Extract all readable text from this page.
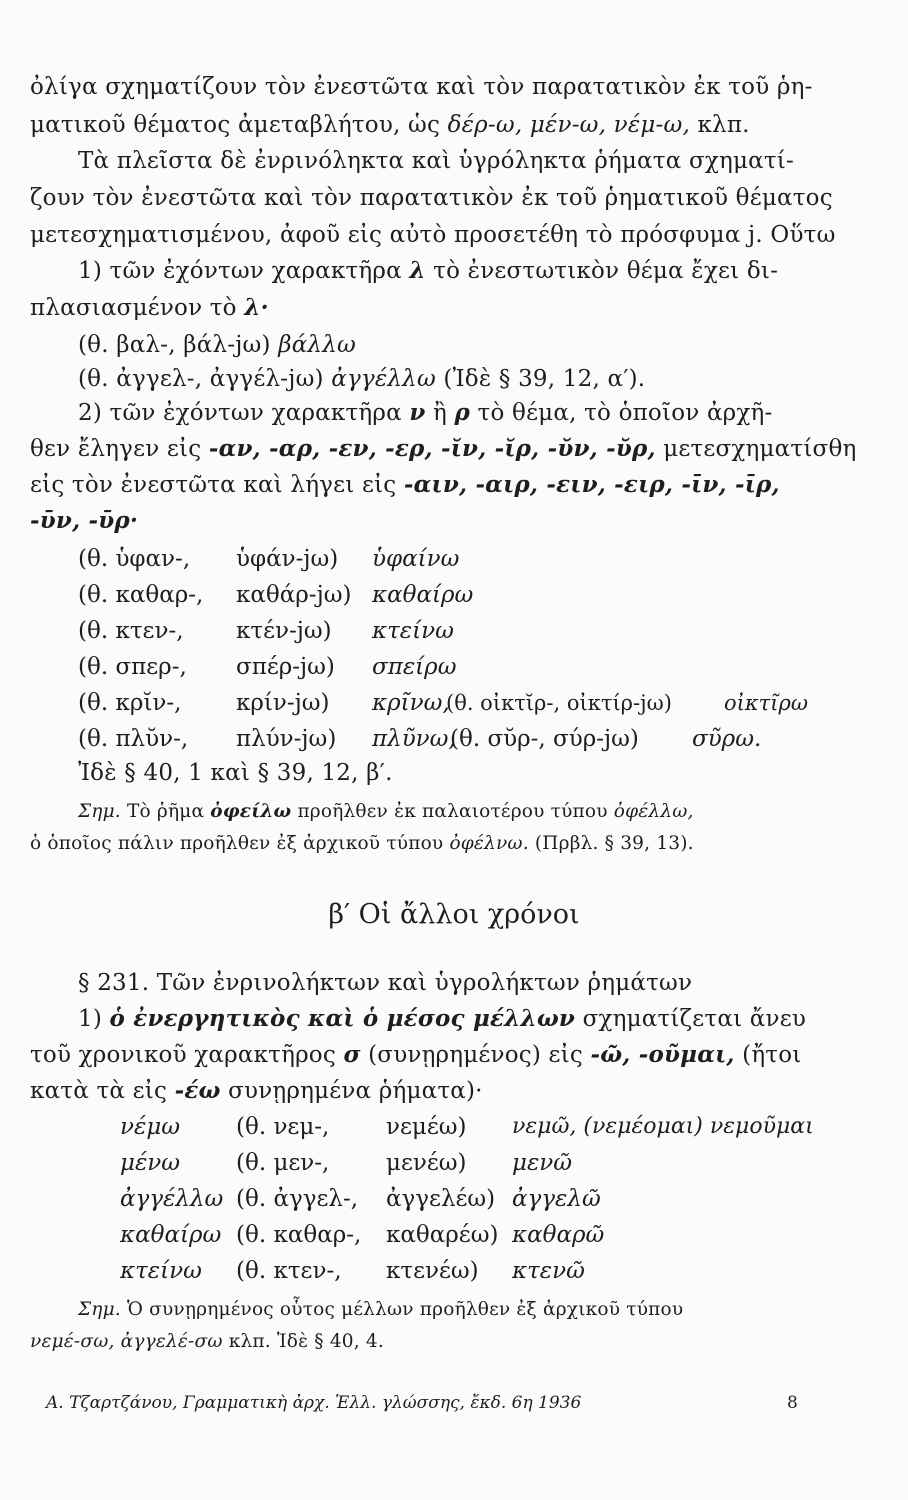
ὀλίγα σχηματίζουν τὸν ἐνεστῶτα καὶ τὸν παρατατικὸν ἐκ τοῦ ῥη-
ματικοῦ θέματος ἀμεταβλήτου, ὡς δέρ-ω, μέν-ω, νέμ-ω, κλπ.
Τὰ πλεῖστα δὲ ἐνρινόληκτα καὶ ὑγρόληκτα ῥήματα σχηματί-
ζουν τὸν ἐνεστῶτα καὶ τὸν παρατατικὸν ἐκ τοῦ ῥηματικοῦ θέματος
μετεσχηματισμένου, ἀφοῦ εἰς αὐτὸ προσετέθη τὸ πρόσφυμα j. Οὕτω
1) τῶν ἐχόντων χαρακτῆρα λ τὸ ἐνεστωτικὸν θέμα ἔχει δι-
πλασιασμένον τὸ λ·
(θ. βαλ-, βάλ-jω) βάλλω
(θ. ἀγγελ-, ἀγγέλ-jω) ἀγγέλλω (Ἰδὲ § 39, 12, α′).
2) τῶν ἐχόντων χαρακτῆρα ν ἢ ρ τὸ θέμα, τὸ ὁποῖον ἀρχῆ-
θεν ἔληγεν εἰς -αν, -αρ, -εν, -ερ, -ῐν, -ῐρ, -ῠν, -ῠρ, μετεσχηματίσθη
εἰς τὸν ἐνεστῶτα καὶ λήγει εἰς -αιν, -αιρ, -ειν, -ειρ, -ῑν, -ῑρ,
-ῡν, -ῡρ·
(θ. ὑφαν-, ὑφάν-jω) ὑφαίνω
(θ. καθαρ-, καθάρ-jω) καθαίρω
(θ. κτεν-, κτέν-jω) κτείνω
(θ. σπερ-, σπέρ-jω) σπείρω
(θ. κρῐν-, κρίν-jω) κρῖνω,
(θ. οἰκτῐρ-, οἰκτίρ-jω) οἰκτῖρω
(θ. πλῠν-, πλύν-jω) πλῦνω,
(θ. σῠρ-, σύρ-jω) σῦρω.
Ἰδὲ § 40, 1 καὶ § 39, 12, β′.
Σημ. Τὸ ῥῆμα ὀφείλω προῆλθεν ἐκ παλαιοτέρου τύπου ὀφέλλω,
ὁ ὁποῖος πάλιν προῆλθεν ἐξ ἀρχικοῦ τύπου ὀφέλνω. (Πρβλ. § 39, 13).
β′ Οἱ ἄλλοι χρόνοι
§ 231. Τῶν ἐνρινολήκτων καὶ ὑγρολήκτων ῥημάτων
1) ὁ ἐνεργητικὸς καὶ ὁ μέσος μέλλων σχηματίζεται ἄνευ
τοῦ χρονικοῦ χαρακτῆρος σ (συνῃρημένος) εἰς -ῶ, -οῦμαι, (ἤτοι
κατὰ τὰ εἰς -έω συνῃρημένα ῥήματα)·
νέμω (θ. νεμ-, νεμέω) νεμῶ, (νεμέομαι) νεμοῦμαι
μένω (θ. μεν-, μενέω) μενῶ
ἀγγέλλω (θ. ἀγγελ-, ἀγγελέω) ἀγγελῶ
καθαίρω (θ. καθαρ-, καθαρέω) καθαρῶ
κτείνω (θ. κτεν-, κτενέω) κτενῶ
Σημ. Ὁ συνῃρημένος οὗτος μέλλων προῆλθεν ἐξ ἀρχικοῦ τύπου
νεμέ-σω, ἀγγελέ-σω κλπ. Ἰδὲ § 40, 4.
Α. Τζαρτζάνου, Γραμματικὴ ἀρχ. Ἑλλ. γλώσσης, ἔκδ. 6η 1936	8
